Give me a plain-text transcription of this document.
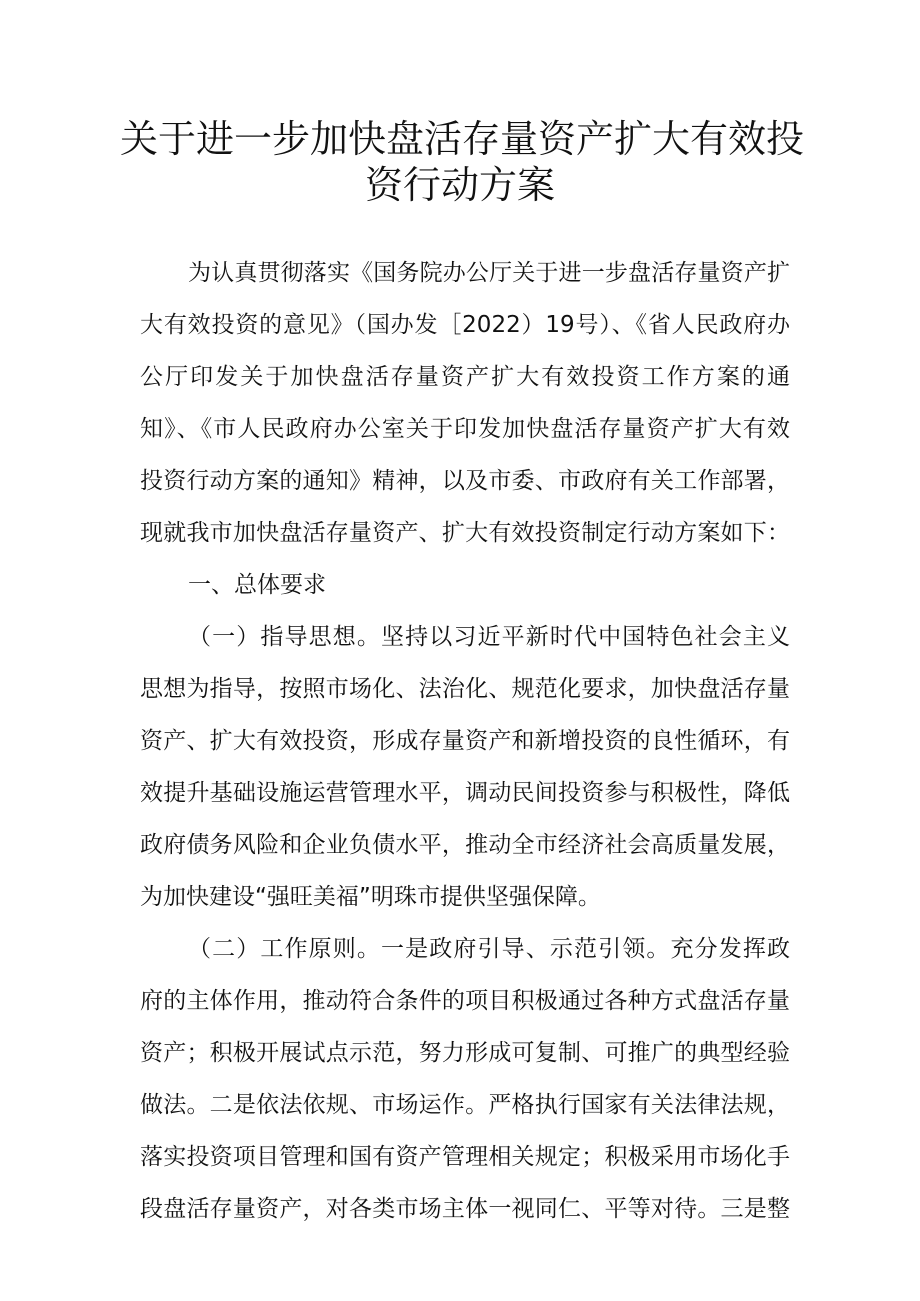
关于进一步加快盘活存量资产扩大有效投
资行动方案
为认真贯彻落实《国务院办公厅关于进一步盘活存量资产扩
大有效投资的意见》（国办发［2022）19号）、《省人民政府办
公厅印发关于加快盘活存量资产扩大有效投资工作方案的通
知》、《市人民政府办公室关于印发加快盘活存量资产扩大有效
投资行动方案的通知》精神，以及市委、市政府有关工作部署，
现就我市加快盘活存量资产、扩大有效投资制定行动方案如下：
一、总体要求
（一）指导思想。坚持以习近平新时代中国特色社会主义
思想为指导，按照市场化、法治化、规范化要求，加快盘活存量
资产、扩大有效投资，形成存量资产和新增投资的良性循环，有
效提升基础设施运营管理水平，调动民间投资参与积极性，降低
政府债务风险和企业负债水平，推动全市经济社会高质量发展，
为加快建设“强旺美福”明珠市提供坚强保障。
（二）工作原则。一是政府引导、示范引领。充分发挥政
府的主体作用，推动符合条件的项目积极通过各种方式盘活存量
资产；积极开展试点示范，努力形成可复制、可推广的典型经验
做法。二是依法依规、市场运作。严格执行国家有关法律法规，
落实投资项目管理和国有资产管理相关规定；积极采用市场化手
段盘活存量资产，对各类市场主体一视同仁、平等对待。三是整
